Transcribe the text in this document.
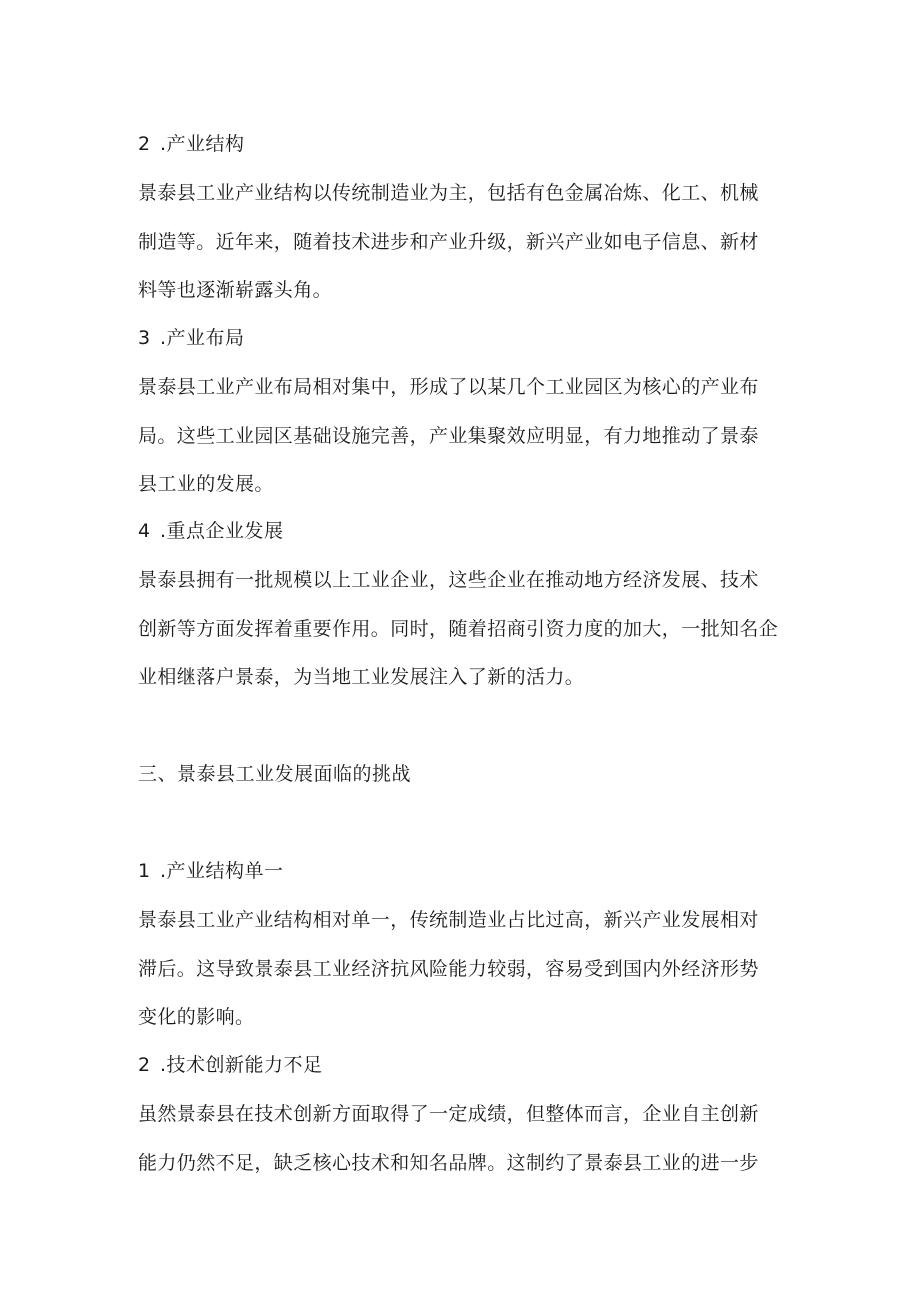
2 .产业结构
景泰县工业产业结构以传统制造业为主，包括有色金属冶炼、化工、机械
制造等。近年来，随着技术进步和产业升级，新兴产业如电子信息、新材
料等也逐渐崭露头角。
3 .产业布局
景泰县工业产业布局相对集中，形成了以某几个工业园区为核心的产业布
局。这些工业园区基础设施完善，产业集聚效应明显，有力地推动了景泰
县工业的发展。
4 .重点企业发展
景泰县拥有一批规模以上工业企业，这些企业在推动地方经济发展、技术
创新等方面发挥着重要作用。同时，随着招商引资力度的加大，一批知名企
业相继落户景泰，为当地工业发展注入了新的活力。
三、景泰县工业发展面临的挑战
1 .产业结构单一
景泰县工业产业结构相对单一，传统制造业占比过高，新兴产业发展相对
滞后。这导致景泰县工业经济抗风险能力较弱，容易受到国内外经济形势
变化的影响。
2 .技术创新能力不足
虽然景泰县在技术创新方面取得了一定成绩，但整体而言，企业自主创新
能力仍然不足，缺乏核心技术和知名品牌。这制约了景泰县工业的进一步
